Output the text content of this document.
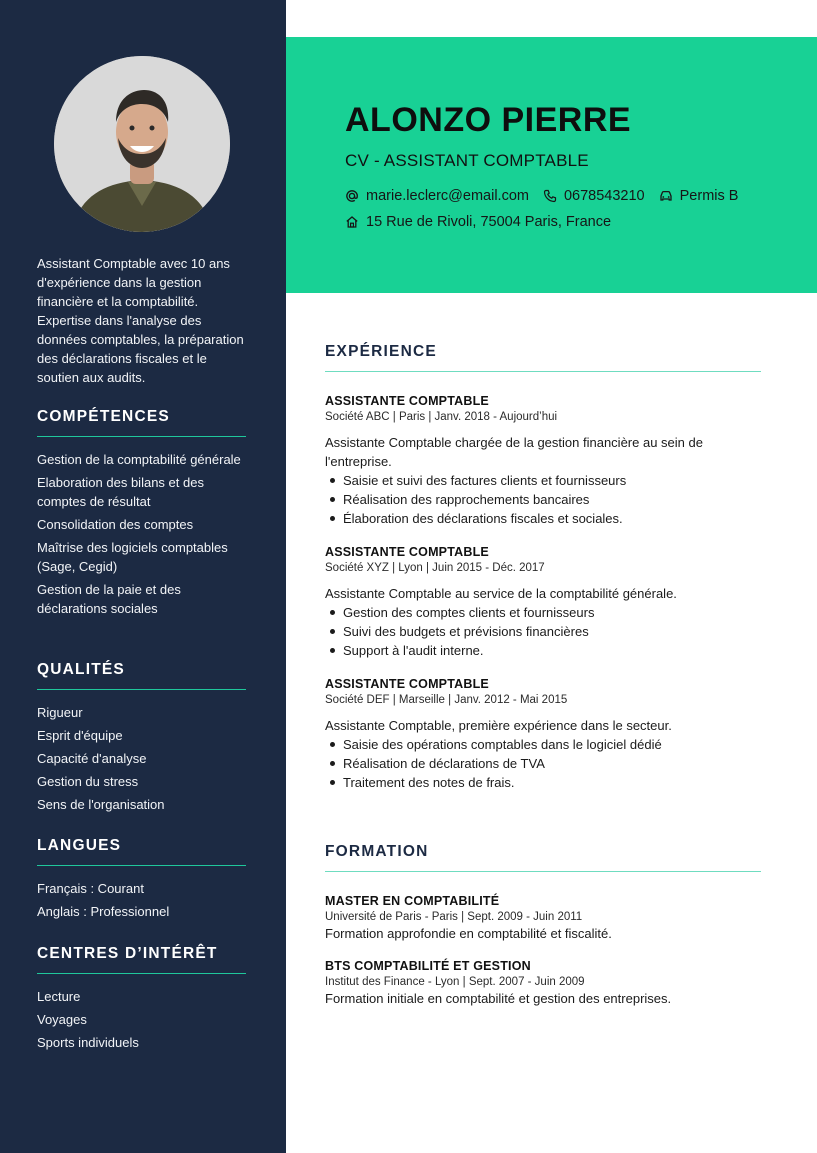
Assistant Comptable avec 10 ans d'expérience dans la gestion financière et la comptabilité. Expertise dans l'analyse des données comptables, la préparation des déclarations fiscales et le soutien aux audits.

COMPÉTENCES
Gestion de la comptabilité générale
Elaboration des bilans et des comptes de résultat
Consolidation des comptes
Maîtrise des logiciels comptables (Sage, Cegid)
Gestion de la paie et des déclarations sociales
QUALITÉS
Rigueur
Esprit d'équipe
Capacité d'analyse
Gestion du stress
Sens de l'organisation
LANGUES
Français : Courant
Anglais : Professionnel
CENTRES D’INTÉRÊT
Lecture
Voyages
Sports individuels
ALONZO PIERRE
CV - ASSISTANT COMPTABLE
marie.leclerc@email.com 0678543210 Permis B
15 Rue de Rivoli, 75004 Paris, France
EXPÉRIENCE
ASSISTANTE COMPTABLE
Société ABC | Paris | Janv. 2018 - Aujourd’hui
Assistante Comptable chargée de la gestion financière au sein de l'entreprise.
Saisie et suivi des factures clients et fournisseurs
Réalisation des rapprochements bancaires
Élaboration des déclarations fiscales et sociales.
ASSISTANTE COMPTABLE
Société XYZ | Lyon | Juin 2015 - Déc. 2017
Assistante Comptable au service de la comptabilité générale.
Gestion des comptes clients et fournisseurs
Suivi des budgets et prévisions financières
Support à l'audit interne.
ASSISTANTE COMPTABLE
Société DEF | Marseille | Janv. 2012 - Mai 2015
Assistante Comptable, première expérience dans le secteur.
Saisie des opérations comptables dans le logiciel dédié
Réalisation de déclarations de TVA
Traitement des notes de frais.
FORMATION
MASTER EN COMPTABILITÉ
Université de Paris - Paris | Sept. 2009 - Juin 2011
Formation approfondie en comptabilité et fiscalité.
BTS COMPTABILITÉ ET GESTION
Institut des Finance - Lyon | Sept. 2007 - Juin 2009
Formation initiale en comptabilité et gestion des entreprises.
